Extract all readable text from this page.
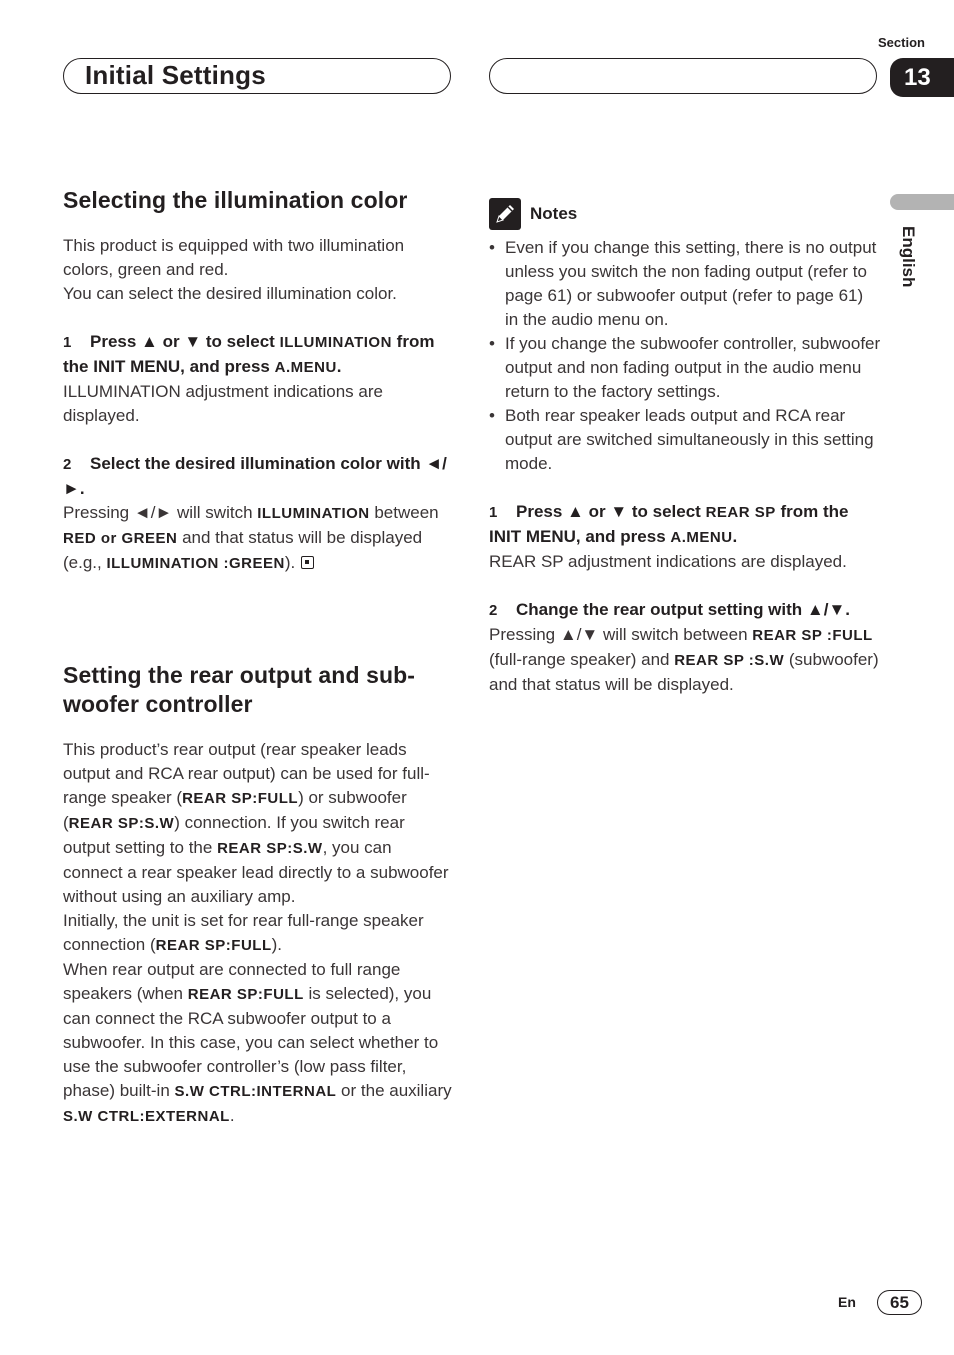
Section
Initial Settings	13
English
Selecting the illumination color

This product is equipped with two illumination colors, green and red.

You can select the desired illumination color.

1 Press ▲ or ▼ to select ILLUMINATION from the INIT MENU, and press A.MENU.

ILLUMINATION adjustment indications are displayed.

2 Select the desired illumination color with ◄/►.

Pressing ◄/► will switch ILLUMINATION between RED or GREEN and that status will be displayed (e.g., ILLUMINATION :GREEN).

Setting the rear output and sub-woofer controller

This product’s rear output (rear speaker leads output and RCA rear output) can be used for full-range speaker (REAR SP:FULL) or subwoofer (REAR SP:S.W) connection. If you switch rear output setting to the REAR SP:S.W, you can connect a rear speaker lead directly to a subwoofer without using an auxiliary amp.

Initially, the unit is set for rear full-range speaker connection (REAR SP:FULL).

When rear output are connected to full range speakers (when REAR SP:FULL is selected), you can connect the RCA subwoofer output to a subwoofer. In this case, you can select whether to use the subwoofer controller’s (low pass filter, phase) built-in S.W CTRL:INTERNAL or the auxiliary S.W CTRL:EXTERNAL.

Notes
• Even if you change this setting, there is no output unless you switch the non fading output (refer to page 61) or subwoofer output (refer to page 61) in the audio menu on.
• If you change the subwoofer controller, subwoofer output and non fading output in the audio menu return to the factory settings.
• Both rear speaker leads output and RCA rear output are switched simultaneously in this setting mode.
1 Press ▲ or ▼ to select REAR SP from the INIT MENU, and press A.MENU.

REAR SP adjustment indications are displayed.

2 Change the rear output setting with ▲/▼.

Pressing ▲/▼ will switch between REAR SP :FULL (full-range speaker) and REAR SP :S.W (subwoofer) and that status will be displayed.

En	65
